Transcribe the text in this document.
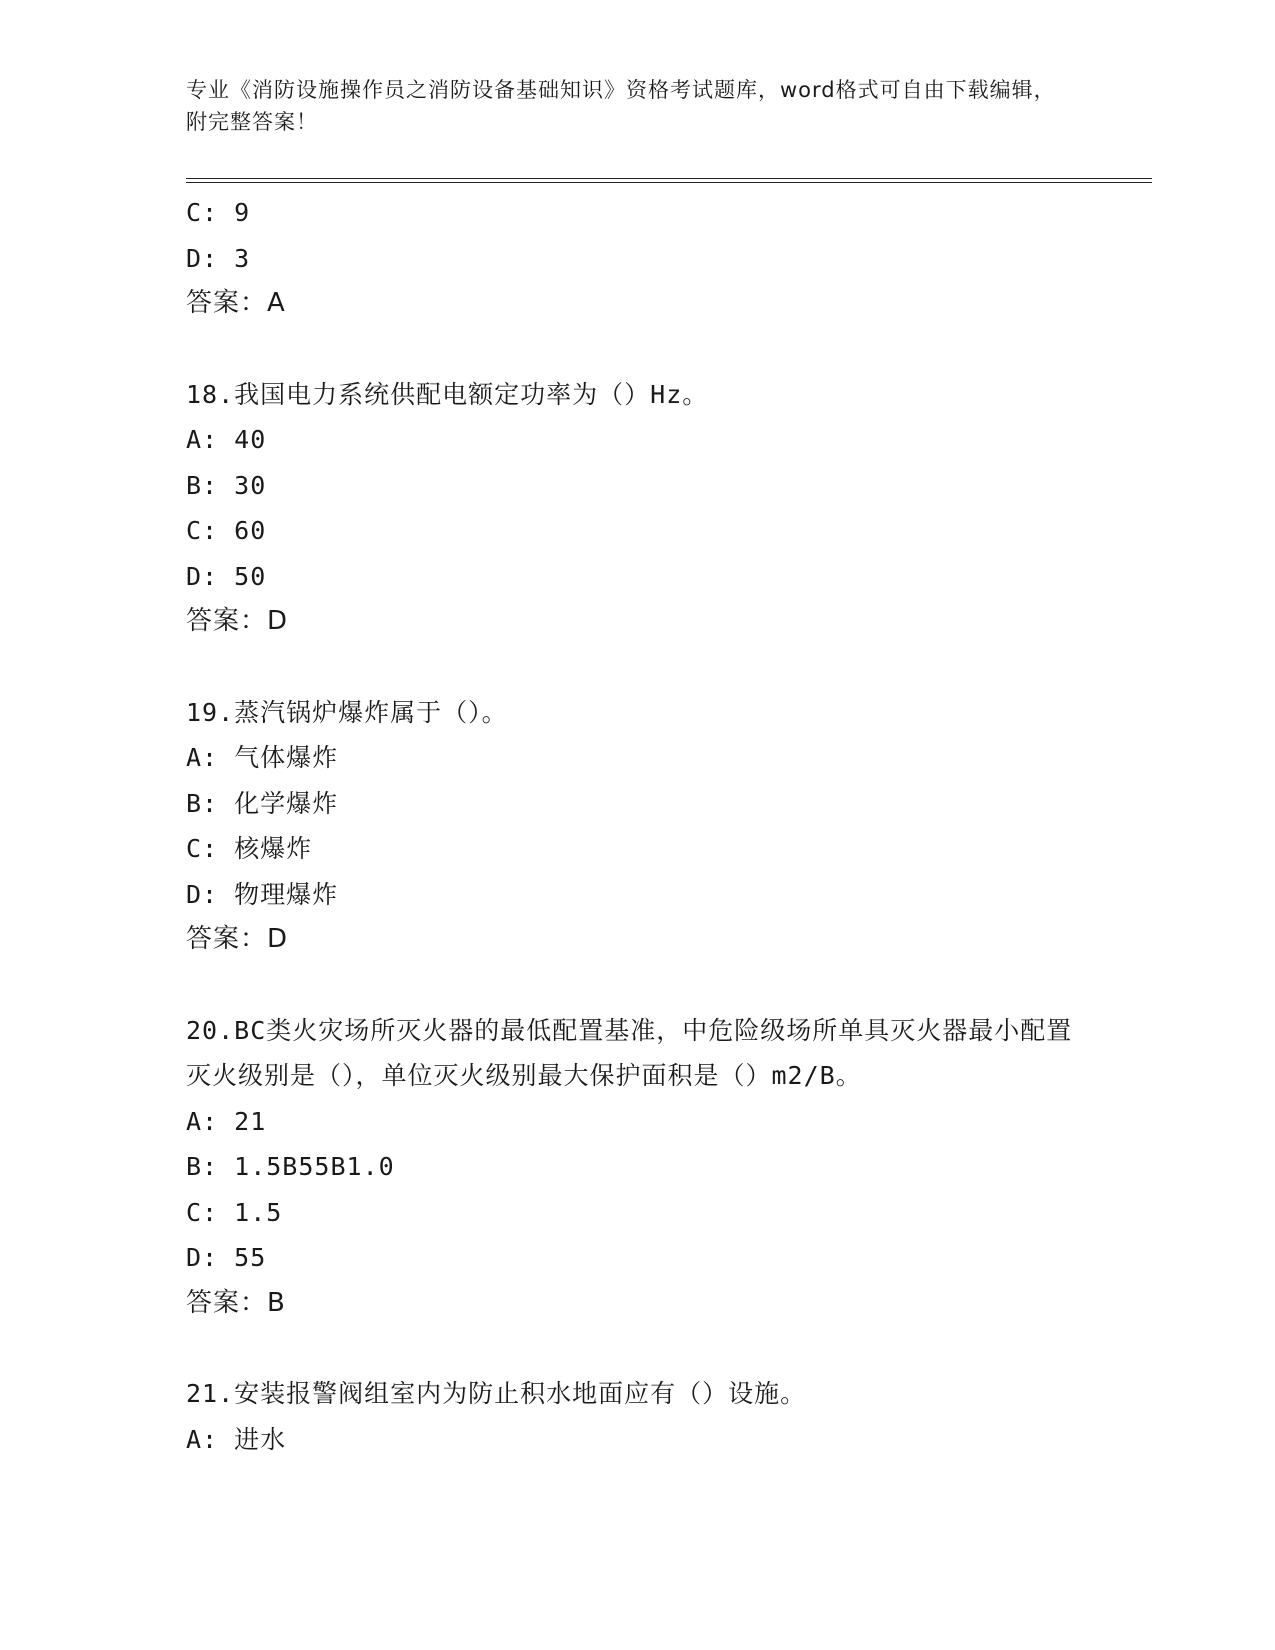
专业《消防设施操作员之消防设备基础知识》资格考试题库，word格式可自由下载编辑，附完整答案！
C: 9
D: 3
答案：A
18.我国电力系统供配电额定功率为（）Hz。
A: 40
B: 30
C: 60
D: 50
答案：D
19.蒸汽锅炉爆炸属于（）。
A: 气体爆炸
B: 化学爆炸
C: 核爆炸
D: 物理爆炸
答案：D
20.BC类火灾场所灭火器的最低配置基准，中危险级场所单具灭火器最小配置灭火级别是（），单位灭火级别最大保护面积是（）m2/B。
A: 21
B: 1.5B55B1.0
C: 1.5
D: 55
答案：B
21.安装报警阀组室内为防止积水地面应有（）设施。
A: 进水
